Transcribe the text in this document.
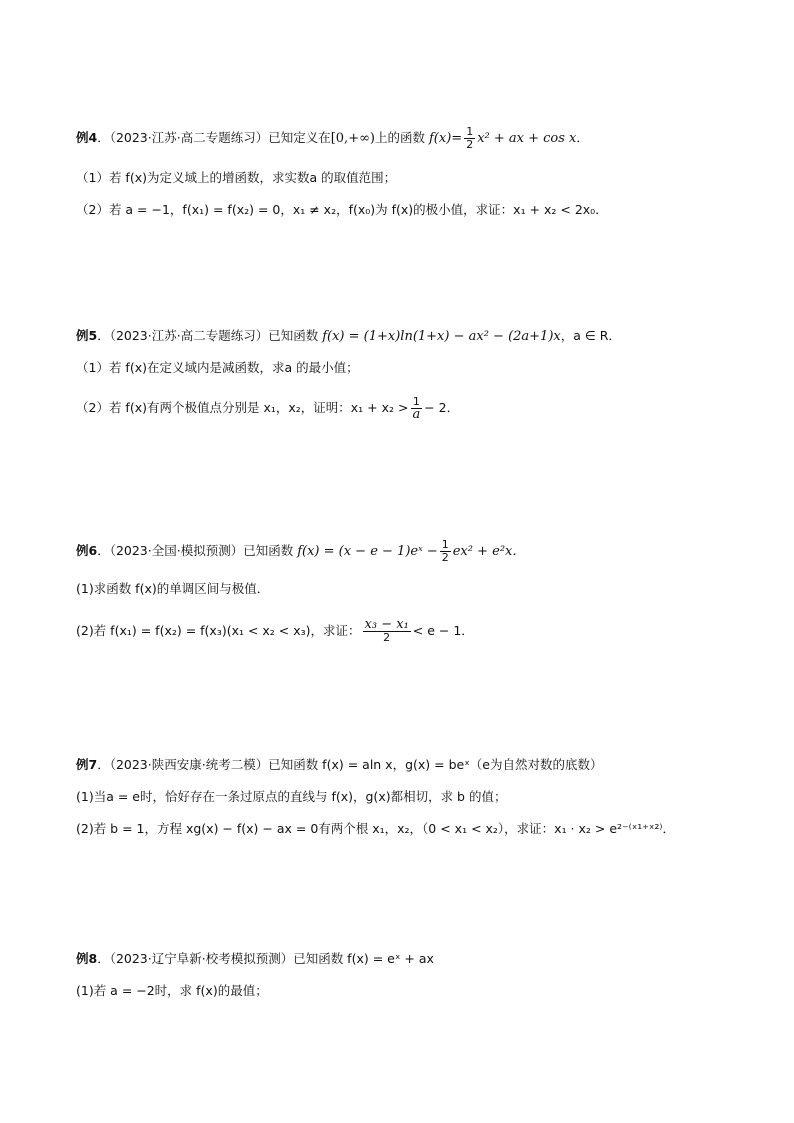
例4．（2023·江苏·高二专题练习）已知定义在[0,+∞)上的函数 $f(x)= \frac{1}{2} x^2$ + ax + cos x．
（1）若 f(x)为定义域上的增函数，求实数a 的取值范围；
（2）若 a = −1，f(x₁) = f(x₂) = 0，x₁ ≠ x₂，f(x₀)为 f(x)的极小值，求证：x₁ + x₂ < 2x₀．
例5．（2023·江苏·高二专题练习）已知函数 f(x) = (1+x)ln(1+x) − ax² − (2a+1)x，a ∈ R．
（1）若 f(x)在定义域内是减函数，求a 的最小值；
（2）若 f(x)有两个极值点分别是 x₁，x₂，证明：$x_1 + x_2 > \frac{1}{a} - 2$．
例6．（2023·全国·模拟预测）已知函数 f(x) = (x − e − 1)eˣ − $\frac{1}{2} ex^2 + e^2x$．
(1)求函数 f(x)的单调区间与极值．
(2)若 f(x₁) = f(x₂) = f(x₃)(x₁ < x₂ < x₃)，求证： $\frac{\text{x₃ − x₁}}{2} < e - 1$．
例7．（2023·陕西安康·统考二模）已知函数 f(x) = aln x，g(x) = beˣ（e为自然对数的底数）
(1)当a = e时，恰好存在一条过原点的直线与 f(x)，g(x)都相切，求 b 的值；
(2)若 b = 1，方程 xg(x) − f(x) − ax = 0有两个根 x₁，x₂，（0 < x₁ < x₂），求证：x₁ · x₂ > e²⁻⁽ˣ¹⁺ˣ²⁾．
例8．（2023·辽宁阜新·校考模拟预测）已知函数 f(x) = eˣ + ax
(1)若 a = −2时，求 f(x)的最值；
